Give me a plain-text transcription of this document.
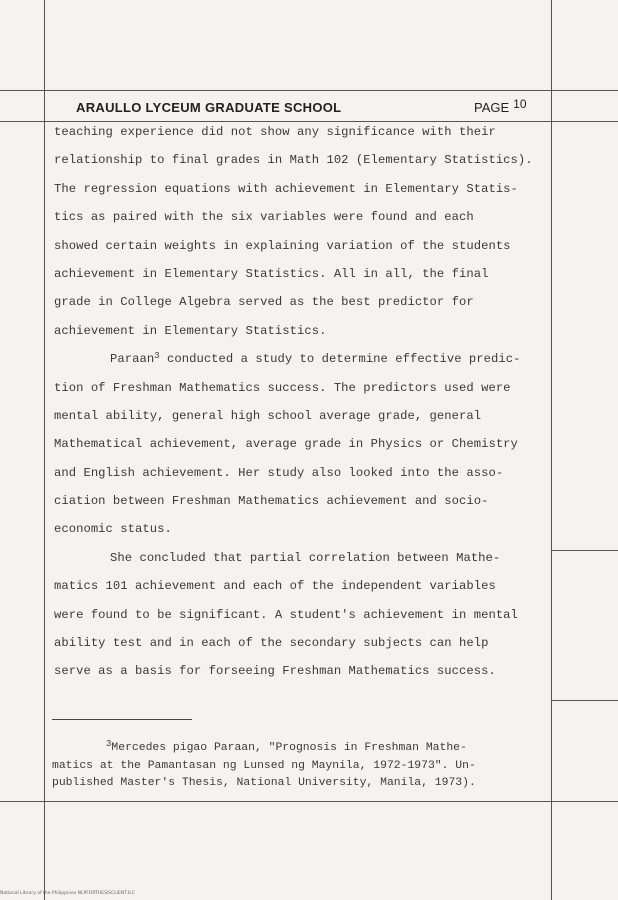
ARAULLO LYCEUM GRADUATE SCHOOL	PAGE 10
teaching experience did not show any significance with their
relationship to final grades in Math 102 (Elementary Statistics).
The regression equations with achievement in Elementary Statis-
tics as paired with the six variables were found and each
showed certain weights in explaining variation of the students
achievement in Elementary Statistics. All in all, the final
grade in College Algebra served as the best predictor for
achievement in Elementary Statistics.
Paraan$^3$ conducted a study to determine effective predic-
tion of Freshman Mathematics success. The predictors used were
mental ability, general high school average grade, general
Mathematical achievement, average grade in Physics or Chemistry
and English achievement. Her study also looked into the asso-
ciation between Freshman Mathematics achievement and socio-
economic status.
She concluded that partial correlation between Mathe-
matics 101 achievement and each of the independent variables
were found to be significant. A student's achievement in mental
ability test and in each of the secondary subjects can help
serve as a basis for forseeing Freshman Mathematics success.
$^3$Mercedes pigao Paraan, "Prognosis in Freshman Mathe-
matics at the Pamantasan ng Lunsed ng Maynila, 1972-1973". Un-
published Master's Thesis, National University, Manila, 1973).
National Library of the Philippines NLPFORTHESISCLIENT.ILC
